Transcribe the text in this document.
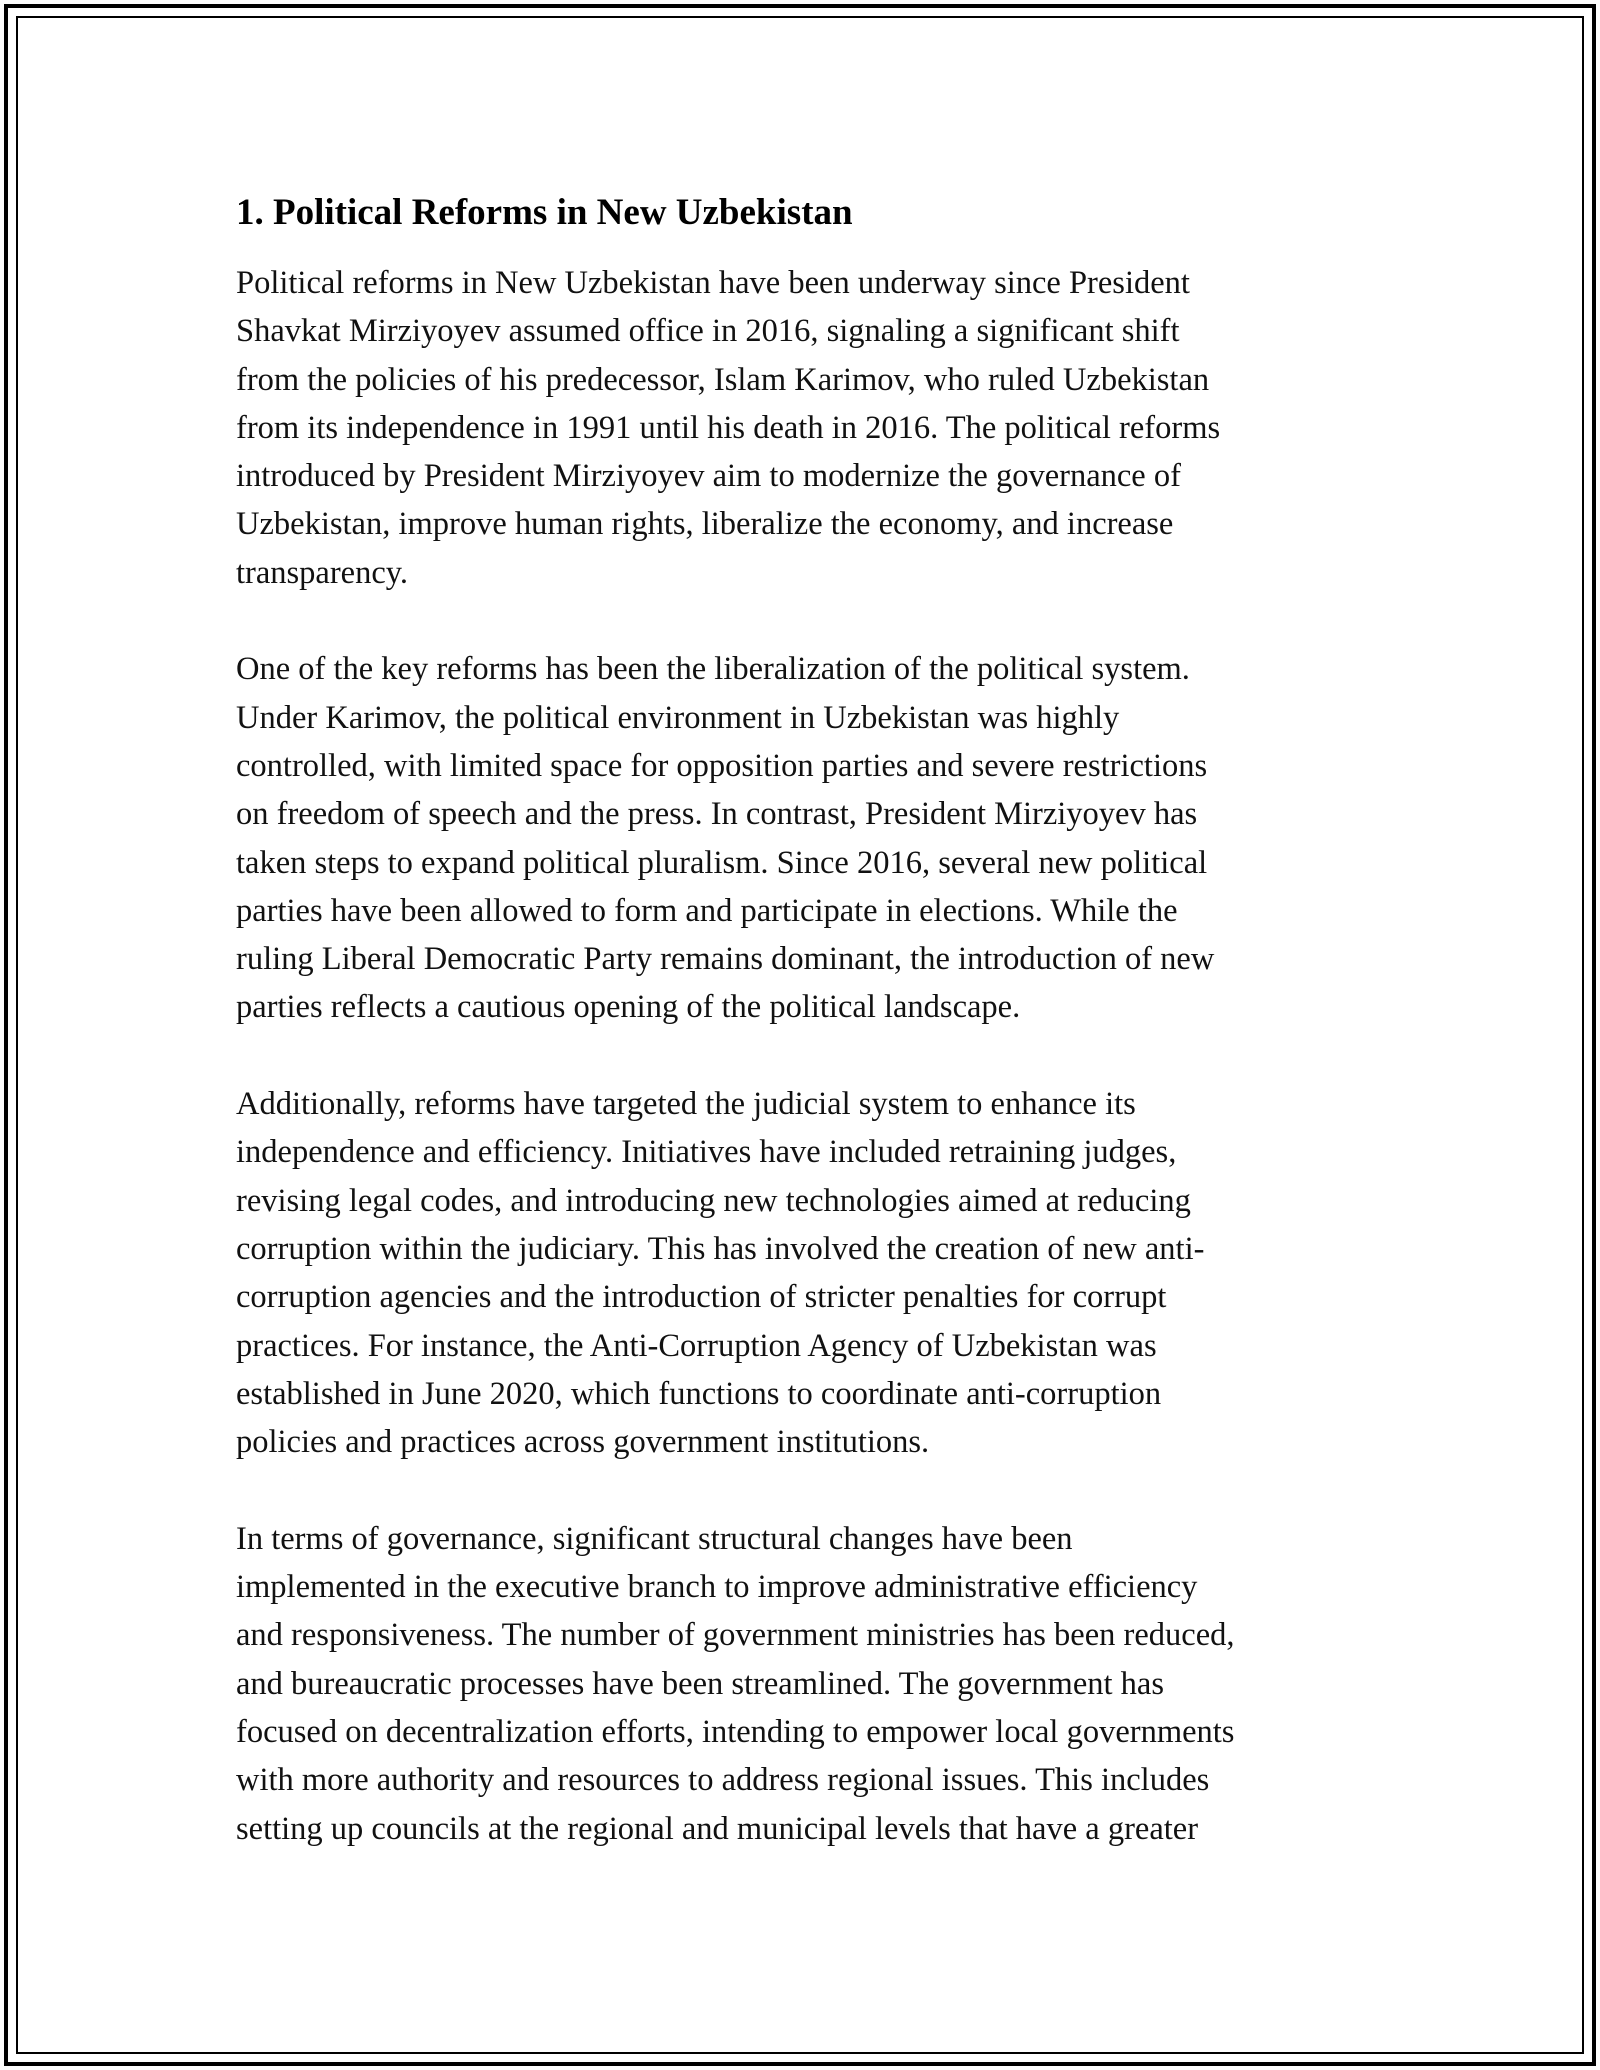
1. Political Reforms in New Uzbekistan

Political reforms in New Uzbekistan have been underway since President
Shavkat Mirziyoyev assumed office in 2016, signaling a significant shift
from the policies of his predecessor, Islam Karimov, who ruled Uzbekistan
from its independence in 1991 until his death in 2016. The political reforms
introduced by President Mirziyoyev aim to modernize the governance of
Uzbekistan, improve human rights, liberalize the economy, and increase
transparency.

One of the key reforms has been the liberalization of the political system.
Under Karimov, the political environment in Uzbekistan was highly
controlled, with limited space for opposition parties and severe restrictions
on freedom of speech and the press. In contrast, President Mirziyoyev has
taken steps to expand political pluralism. Since 2016, several new political
parties have been allowed to form and participate in elections. While the
ruling Liberal Democratic Party remains dominant, the introduction of new
parties reflects a cautious opening of the political landscape.

Additionally, reforms have targeted the judicial system to enhance its
independence and efficiency. Initiatives have included retraining judges,
revising legal codes, and introducing new technologies aimed at reducing
corruption within the judiciary. This has involved the creation of new anti-
corruption agencies and the introduction of stricter penalties for corrupt
practices. For instance, the Anti-Corruption Agency of Uzbekistan was
established in June 2020, which functions to coordinate anti-corruption
policies and practices across government institutions.

In terms of governance, significant structural changes have been
implemented in the executive branch to improve administrative efficiency
and responsiveness. The number of government ministries has been reduced,
and bureaucratic processes have been streamlined. The government has
focused on decentralization efforts, intending to empower local governments
with more authority and resources to address regional issues. This includes
setting up councils at the regional and municipal levels that have a greater
